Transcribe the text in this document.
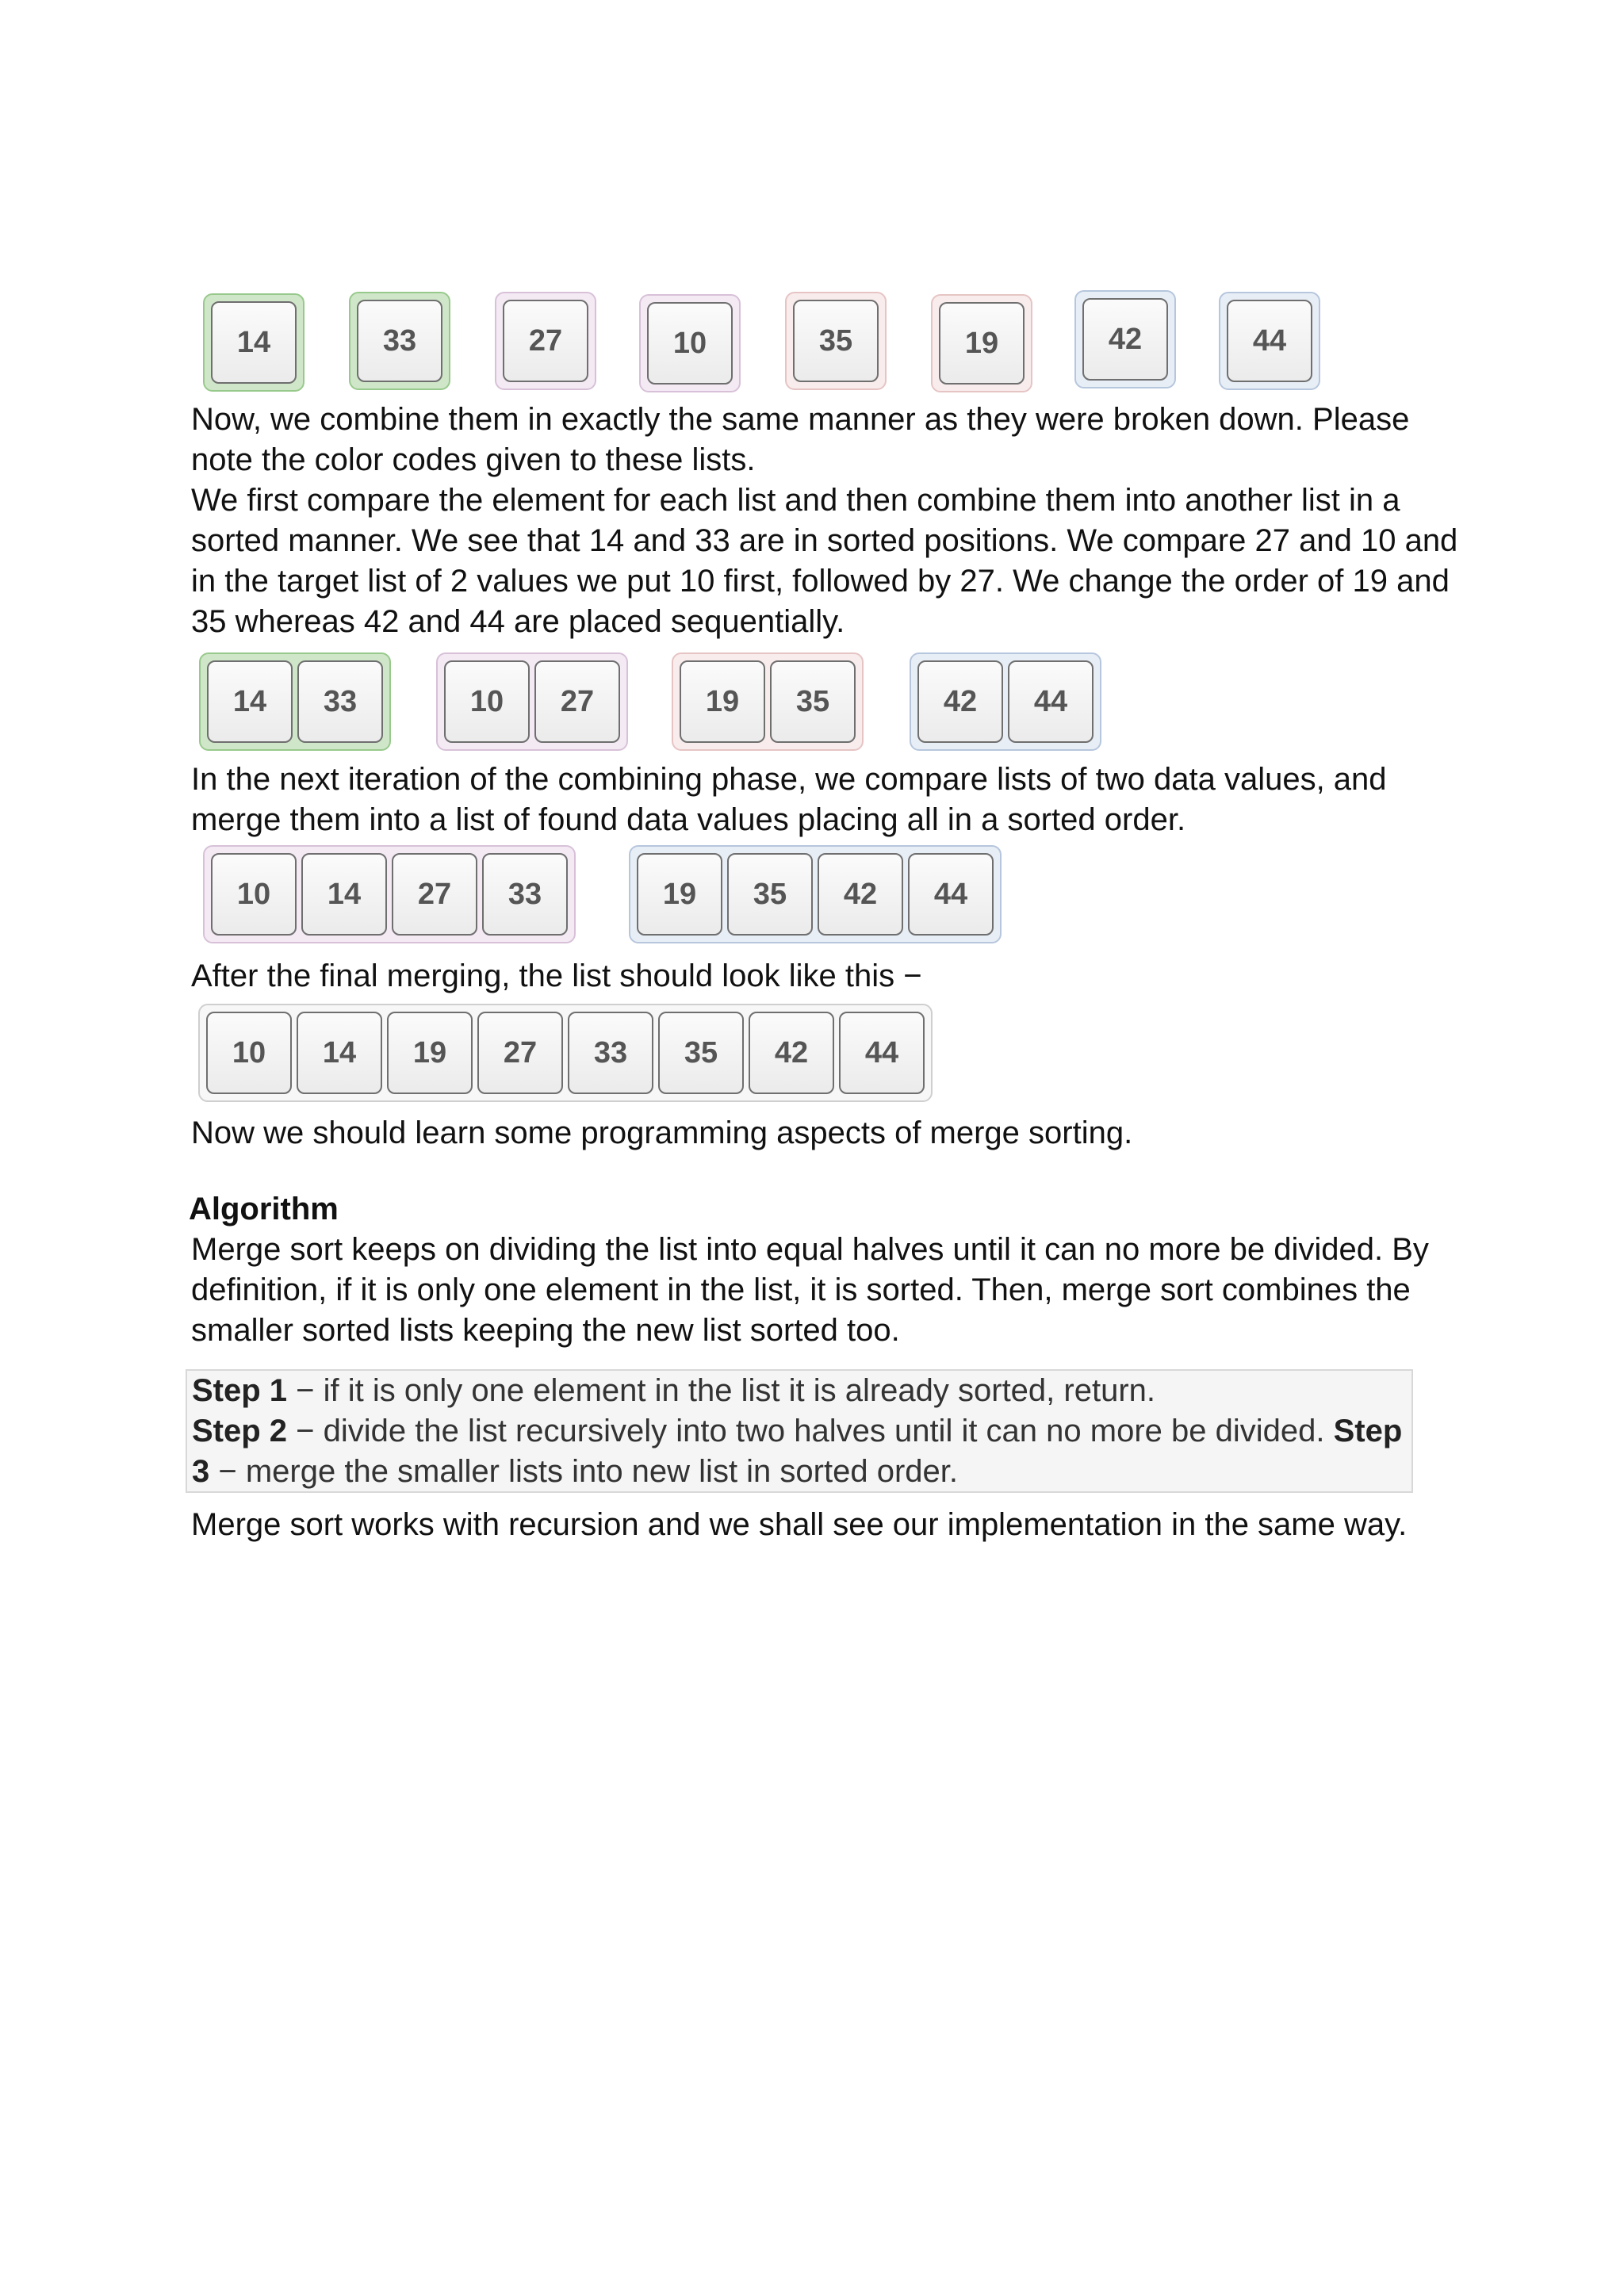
14	33	27	10	35	19	42	44

Now, we combine them in exactly the same manner as they were broken down. Please note the color codes given to these lists.

We first compare the element for each list and then combine them into another list in a sorted manner. We see that 14 and 33 are in sorted positions. We compare 27 and 10 and in the target list of 2 values we put 10 first, followed by 27. We change the order of 19 and 35 whereas 42 and 44 are placed sequentially.

14	33	10	27	19	35	42	44

In the next iteration of the combining phase, we compare lists of two data values, and merge them into a list of found data values placing all in a sorted order.

10	14	27	33	19	35	42	44

After the final merging, the list should look like this −

10	14	19	27	33	35	42	44

Now we should learn some programming aspects of merge sorting.

Algorithm

Merge sort keeps on dividing the list into equal halves until it can no more be divided. By definition, if it is only one element in the list, it is sorted. Then, merge sort combines the smaller sorted lists keeping the new list sorted too.

Step 1 − if it is only one element in the list it is already sorted, return.
Step 2 − divide the list recursively into two halves until it can no more be divided. Step
3 − merge the smaller lists into new list in sorted order.

Merge sort works with recursion and we shall see our implementation in the same way.
